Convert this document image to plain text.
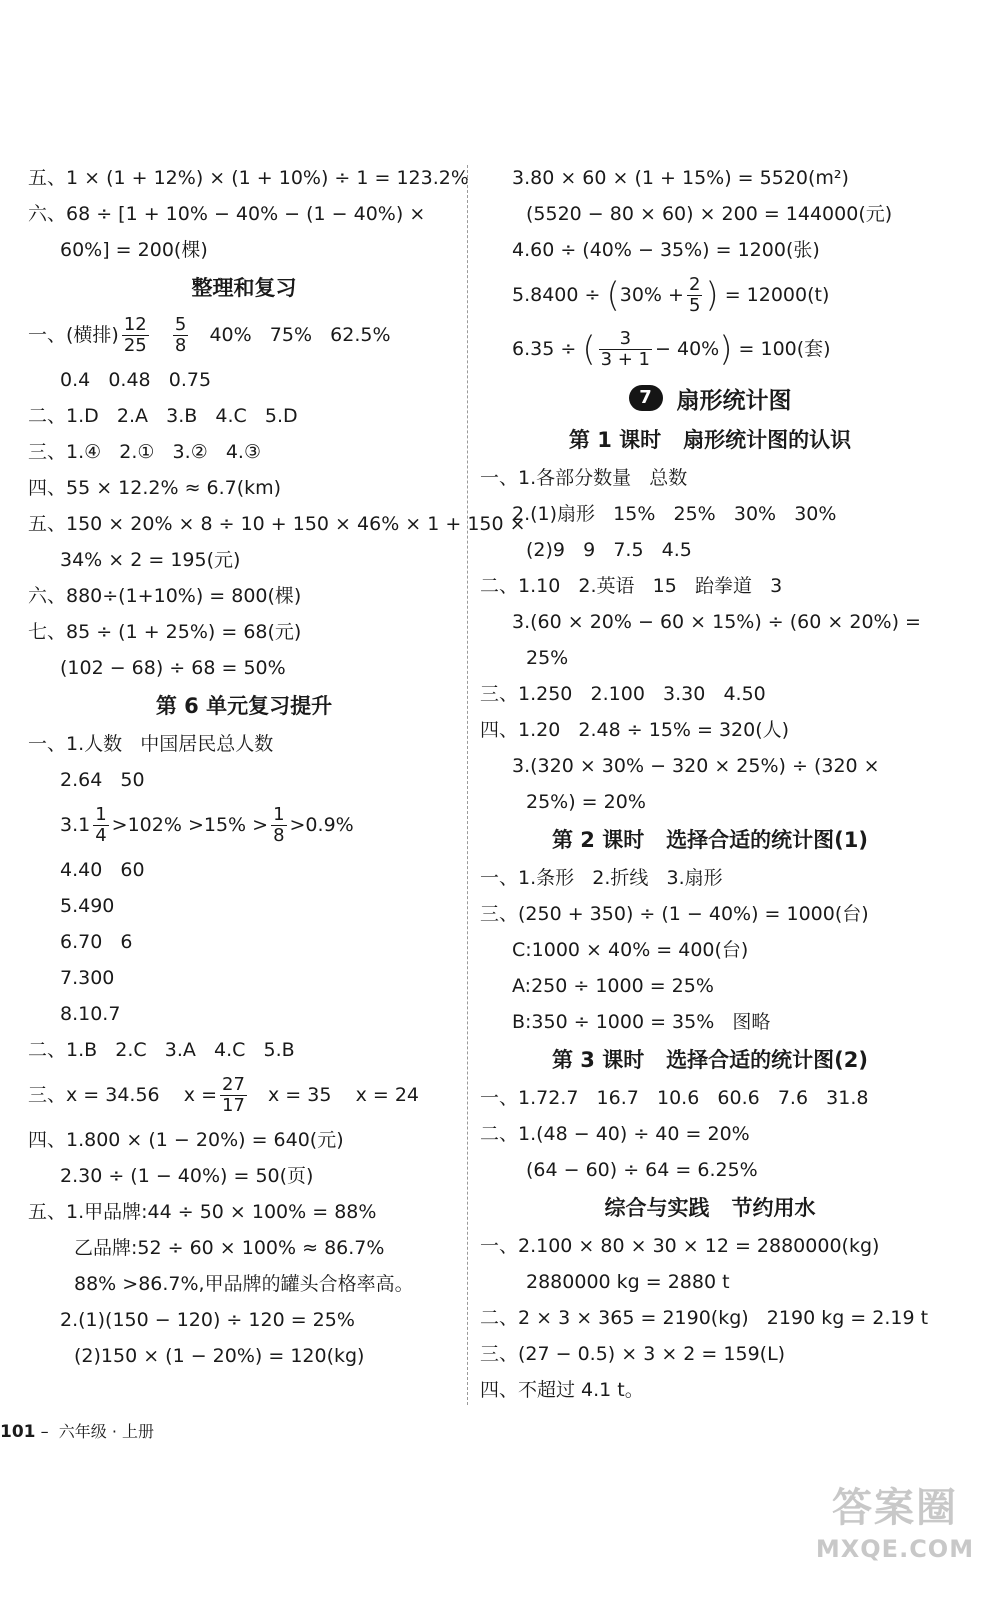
五、1 × (1 + 12%) × (1 + 10%) ÷ 1 = 123.2%
六、68 ÷ [1 + 10% − 40% − (1 − 40%) ×
60%] = 200(棵)
整理和复习
一、(横排) $\frac{12}{25}$
$\frac{5}{8} 40\%$   75%   62.5%
0.4   0.48   0.75
二、1.D   2.A   3.B   4.C   5.D
三、1.④   2.①   3.②   4.③
四、55 × 12.2% ≈ 6.7(km)
五、150 × 20% × 8 ÷ 10 + 150 × 46% × 1 + 150 ×
34% × 2 = 195(元)
六、880÷(1+10%) = 800(棵)
七、85 ÷ (1 + 25%) = 68(元)
(102 − 68) ÷ 68 = 50%
第 6 单元复习提升
一、1.人数   中国居民总人数
2.64   50
$3.1 \frac{1}{4} >102\% >15\% > \frac{1}{8} >0.9\%$
4.40   60
5.490
6.70   6
7.300
8.10.7
二、1.B   2.C   3.A   4.C   5.B
三、x = 34.56    $x = \frac{27}{17}$ x = 35    x = 24
四、1.800 × (1 − 20%) = 640(元)
2.30 ÷ (1 − 40%) = 50(页)
五、1.甲品牌:44 ÷ 50 × 100% = 88%
乙品牌:52 ÷ 60 × 100% ≈ 86.7%
88% >86.7%,甲品牌的罐头合格率高。
2.(1)(150 − 120) ÷ 120 = 25%
(2)150 × (1 − 20%) = 120(kg)
3.80 × 60 × (1 + 15%) = 5520(m²)
(5520 − 80 × 60) × 200 = 144000(元)
4.60 ÷ (40% − 35%) = 1200(张)
$5.8400 \div (30\% + \frac{2}{5}$ ) = 12000(t)
6.35 ÷ ( $\frac{3}{3 + 1} - 40\%) = 100$(套)
7	扇形统计图
第 1 课时   扇形统计图的认识
一、1.各部分数量   总数
2.(1)扇形   15%   25%   30%   30%
(2)9   9   7.5   4.5
二、1.10   2.英语   15   跆拳道   3
3.(60 × 20% − 60 × 15%) ÷ (60 × 20%) =
25%
三、1.250   2.100   3.30   4.50
四、1.20   2.48 ÷ 15% = 320(人)
3.(320 × 30% − 320 × 25%) ÷ (320 ×
25%) = 20%
第 2 课时   选择合适的统计图(1)
一、1.条形   2.折线   3.扇形
三、(250 + 350) ÷ (1 − 40%) = 1000(台)
C:1000 × 40% = 400(台)
A:250 ÷ 1000 = 25%
B:350 ÷ 1000 = 35%   图略
第 3 课时   选择合适的统计图(2)
一、1.72.7   16.7   10.6   60.6   7.6   31.8
二、1.(48 − 40) ÷ 40 = 20%
(64 − 60) ÷ 64 = 6.25%
综合与实践   节约用水
一、2.100 × 80 × 30 × 12 = 2880000(kg)
2880000 kg = 2880 t
二、2 × 3 × 365 = 2190(kg)   2190 kg = 2.19 t
三、(27 − 0.5) × 3 × 2 = 159(L)
四、不超过 4.1 t。
101 –  六年级 · 上册
答案圈
MXQE.COM
